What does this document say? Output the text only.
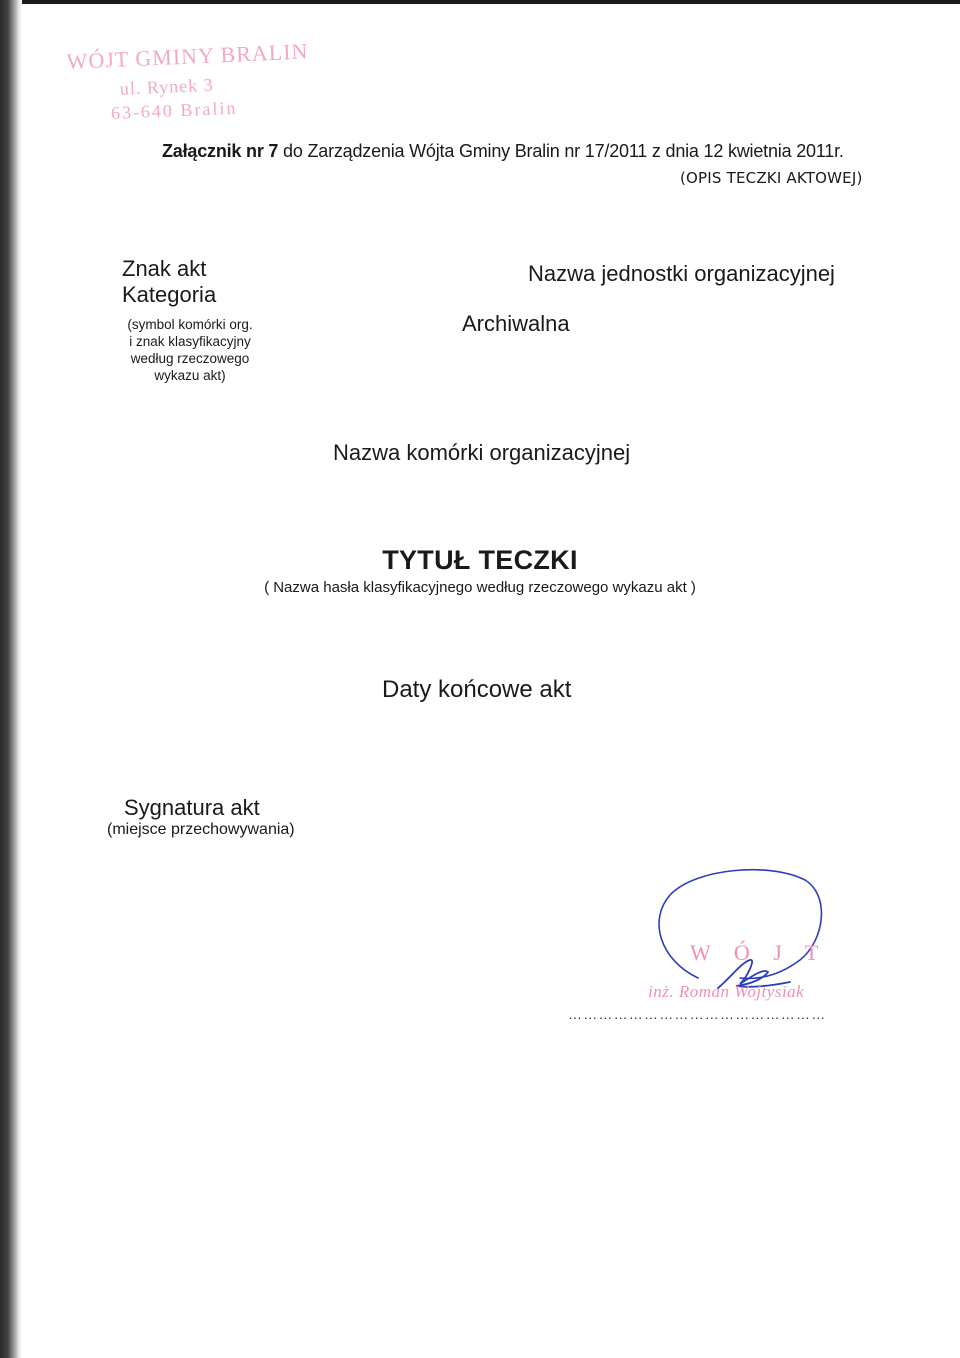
WÓJT GMINY BRALIN
ul. Rynek 3
63-640 Bralin
Załącznik nr 7 do Zarządzenia Wójta Gminy Bralin nr 17/2011 z dnia 12 kwietnia 2011r.
(OPIS TECZKI AKTOWEJ)
Znak akt
Kategoria
(symbol komórki org.
i znak klasyfikacyjny
według rzeczowego
wykazu akt)
Nazwa jednostki organizacyjnej
Archiwalna
Nazwa komórki organizacyjnej
TYTUŁ TECZKI
( Nazwa hasła klasyfikacyjnego według rzeczowego wykazu akt )
Daty końcowe akt
Sygnatura akt
(miejsce przechowywania)
W Ó J T
inż. Roman Wojtysiak
……………………………………………
